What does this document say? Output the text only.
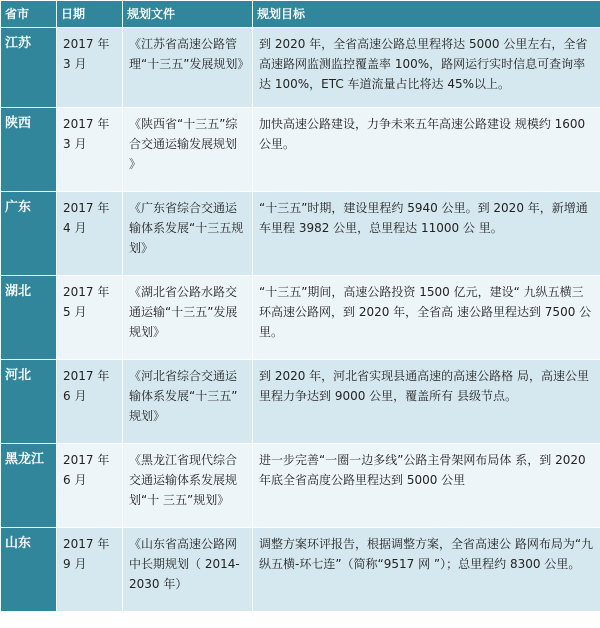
省市	日期	规划文件	规划目标
江苏	2017 年 3 月	《江苏省高速公路管理“十三五”发展规划》	到 2020 年，全省高速公路总里程将达 5000 公里左右，全省高速路网监测监控覆盖率 100%，路网运行实时信息可查询率达 100%，ETC 车道流量占比将达 45%以上。
陕西	2017 年 3 月	《陕西省“十三五”综 合交通运输发展规划 》	加快高速公路建设，力争未来五年高速公路建设 规模约 1600 公里。
广东	2017 年 4 月	《广东省综合交通运输体系发展“十三五规划》	“十三五”时期，建设里程约 5940 公里。到 2020 年，新增通车里程 3982 公里，总里程达 11000 公 里。
湖北	2017 年 5 月	《湖北省公路水路交通运输“十三五”发展 规划》	“十三五”期间，高速公路投资 1500 亿元，建设“ 九纵五横三环高速公路网，到 2020 年，全省高 速公路里程达到 7500 公里。
河北	2017 年 6 月	《河北省综合交通运 输体系发展“十三五” 规划》	到 2020 年，河北省实现县通高速的高速公路格 局，高速公里里程力争达到 9000 公里，覆盖所有 县级节点。
黑龙江	2017 年 6 月	《黑龙江省现代综合交通运输体系发展规划“十 三五”规划》	进一步完善“一圈一边多线”公路主骨架网布局体 系，到 2020 年底全省高度公路里程达到 5000 公里
山东	2017 年 9 月	《山东省高速公路网 中长期规划（ 2014- 2030 年）	调整方案环评报告，根据调整方案，全省高速公 路网布局为“九纵五横-环七连”（简称“9517 网 ”）；总里程约 8300 公里。
